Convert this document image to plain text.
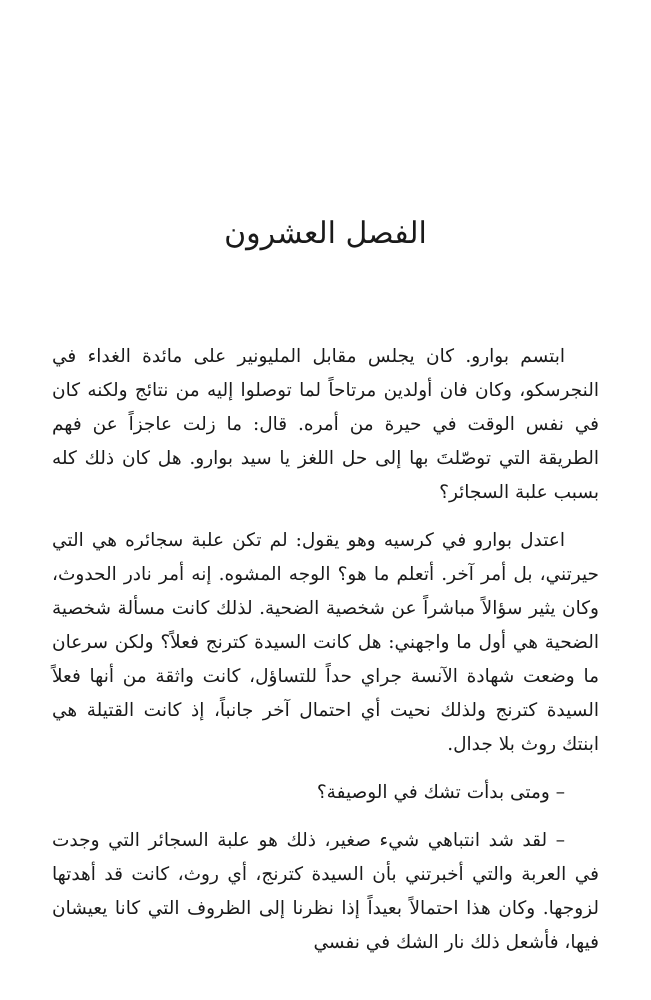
الفصل العشرون

ابتسم بوارو. كان يجلس مقابل المليونير على مائدة الغداء في النجرسكو، وكان فان أولدين مرتاحاً لما توصلوا إليه من نتائج ولكنه كان في نفس الوقت في حيرة من أمره. قال: ما زلت عاجزاً عن فهم الطريقة التي توصّلتَ بها إلى حل اللغز يا سيد بوارو. هل كان ذلك كله بسبب علبة السجائر؟

اعتدل بوارو في كرسيه وهو يقول: لم تكن علبة سجائره هي التي حيرتني، بل أمر آخر. أتعلم ما هو؟ الوجه المشوه. إنه أمر نادر الحدوث، وكان يثير سؤالاً مباشراً عن شخصية الضحية. لذلك كانت مسألة شخصية الضحية هي أول ما واجهني: هل كانت السيدة كترنج فعلاً؟ ولكن سرعان ما وضعت شهادة الآنسة جراي حداً للتساؤل، كانت واثقة من أنها فعلاً السيدة كترنج ولذلك نحيت أي احتمال آخر جانباً، إذ كانت القتيلة هي ابنتك روث بلا جدال.

– ومتى بدأت تشك في الوصيفة؟

– لقد شد انتباهي شيء صغير، ذلك هو علبة السجائر التي وجدت في العربة والتي أخبرتني بأن السيدة كترنج، أي روث، كانت قد أهدتها لزوجها. وكان هذا احتمالاً بعيداً إذا نظرنا إلى الظروف التي كانا يعيشان فيها، فأشعل ذلك نار الشك في نفسي
